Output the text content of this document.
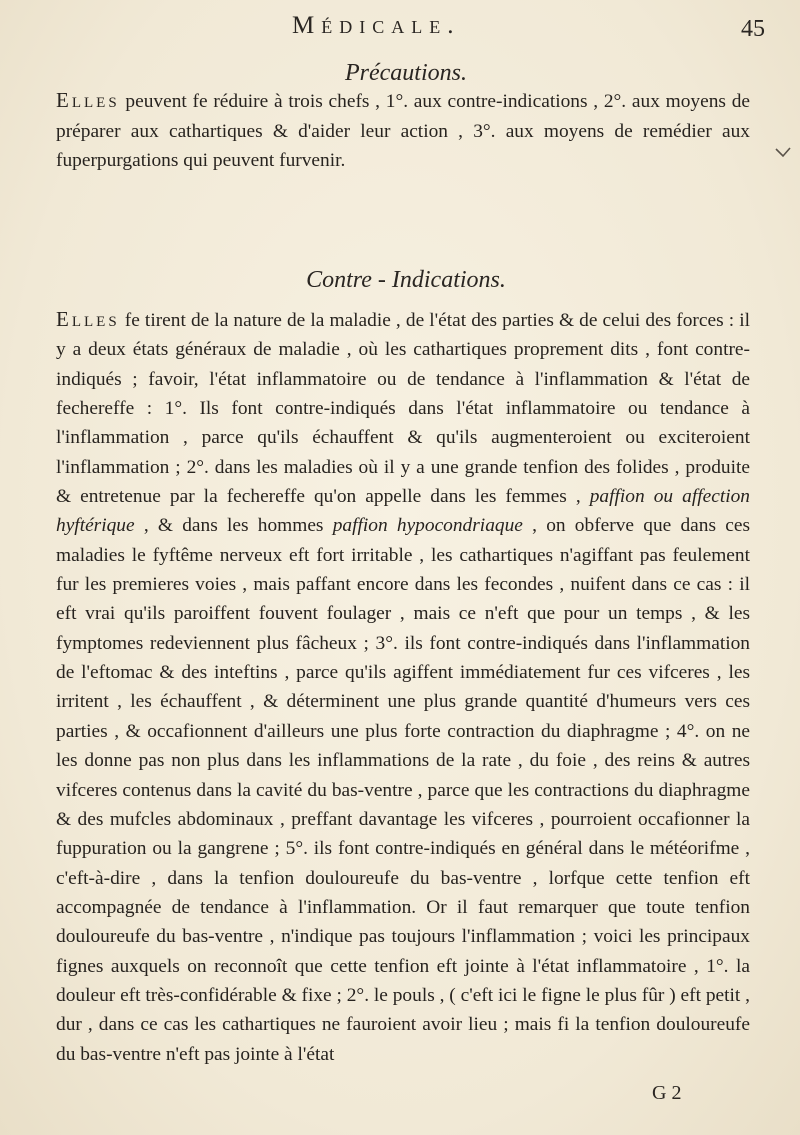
Médicale.	45
Précautions.

Elles peuvent fe réduire à trois chefs , 1°. aux contre-indications , 2°. aux moyens de préparer aux cathartiques & d'aider leur action , 3°. aux moyens de remédier aux fuperpurgations qui peuvent furvenir.

Contre - Indications.

Elles fe tirent de la nature de la maladie , de l'état des parties & de celui des forces : il y a deux états généraux de maladie , où les cathartiques proprement dits , font contre-indiqués ; favoir, l'état inflammatoire ou de tendance à l'inflammation & l'état de fechereffe : 1°. Ils font contre-indiqués dans l'état inflammatoire ou tendance à l'inflammation , parce qu'ils échauffent & qu'ils augmenteroient ou exciteroient l'inflammation ; 2°. dans les maladies où il y a une grande tenfion des folides , produite & entretenue par la fechereffe qu'on appelle dans les femmes , paffion ou affection hyftérique , & dans les hommes paffion hypocondriaque , on obferve que dans ces maladies le fyftême nerveux eft fort irritable , les cathartiques n'agiffant pas feulement fur les premieres voies , mais paffant encore dans les fecondes , nuifent dans ce cas : il eft vrai qu'ils paroiffent fouvent foulager , mais ce n'eft que pour un temps , & les fymptomes redeviennent plus fâcheux ; 3°. ils font contre-indiqués dans l'inflammation de l'eftomac & des inteftins , parce qu'ils agiffent immédiatement fur ces vifceres , les irritent , les échauffent , & déterminent une plus grande quantité d'humeurs vers ces parties , & occafionnent d'ailleurs une plus forte contraction du diaphragme ; 4°. on ne les donne pas non plus dans les inflammations de la rate , du foie , des reins & autres vifceres contenus dans la cavité du bas-ventre , parce que les contractions du diaphragme & des mufcles abdominaux , preffant davantage les vifceres , pourroient occafionner la fuppuration ou la gangrene ; 5°. ils font contre-indiqués en général dans le météorifme , c'eft-à-dire , dans la tenfion douloureufe du bas-ventre , lorfque cette tenfion eft accompagnée de tendance à l'inflammation. Or il faut remarquer que toute tenfion douloureufe du bas-ventre , n'indique pas toujours l'inflammation ; voici les principaux fignes auxquels on reconnoît que cette tenfion eft jointe à l'état inflammatoire , 1°. la douleur eft très-confidérable & fixe ; 2°. le pouls , ( c'eft ici le figne le plus fûr ) eft petit , dur , dans ce cas les cathartiques ne fauroient avoir lieu ; mais fi la tenfion douloureufe du bas-ventre n'eft pas jointe à l'état

G 2
